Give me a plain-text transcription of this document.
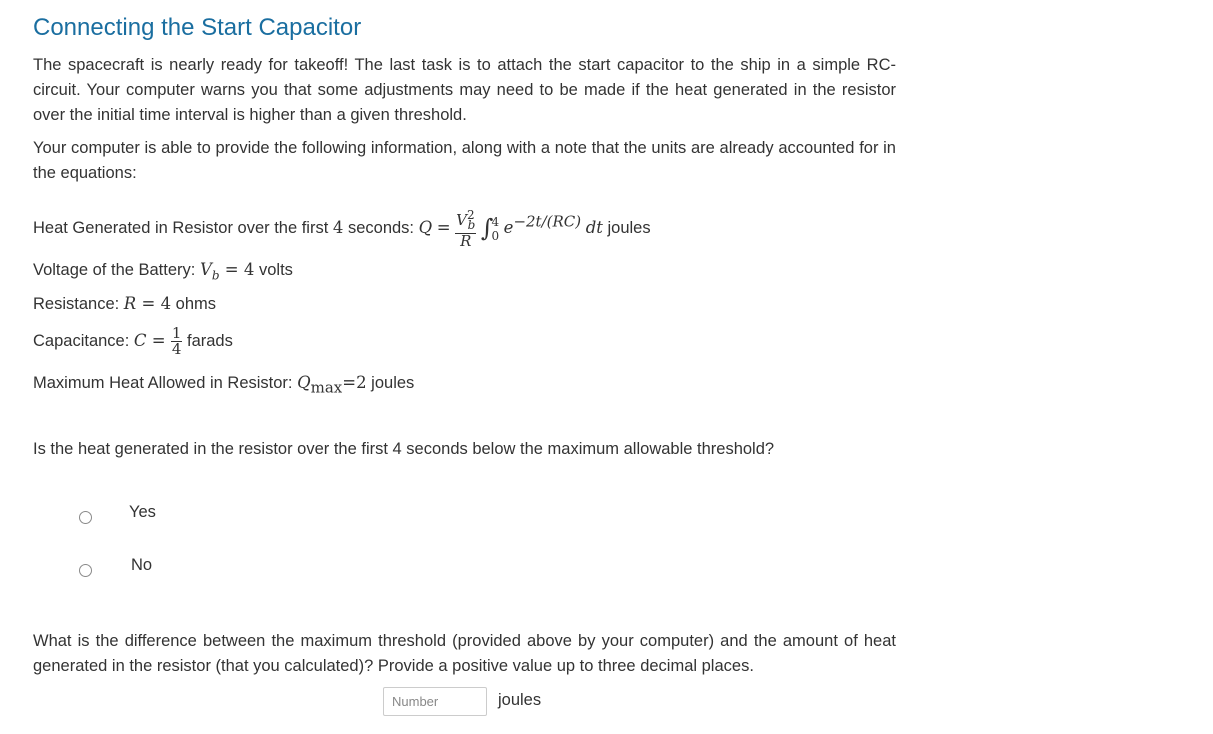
Connecting the Start Capacitor

The spacecraft is nearly ready for takeoff! The last task is to attach the start capacitor to the ship in a simple RC-circuit. Your computer warns you that some adjustments may need to be made if the heat generated in the resistor over the initial time interval is higher than a given threshold.

Your computer is able to provide the following information, along with a note that the units are already accounted for in the equations:

Heat Generated in Resistor over the first 4 seconds: $Q = \frac{V^2_b}{R}$ ∫
4
0 $e^{-2t/(RC)}$ dt joules
Voltage of the Battery: $V_b = 4$ volts
Resistance: R = 4 ohms
Capacitance: $C = \frac{1}{4}$ farads
Maximum Heat Allowed in Resistor: $Q_{max}=2$ joules
Is the heat generated in the resistor over the first 4 seconds below the maximum allowable threshold?
Yes
No

What is the difference between the maximum threshold (provided above by your computer) and the amount of heat generated in the resistor (that you calculated)? Provide a positive value up to three decimal places.

Number
joules
